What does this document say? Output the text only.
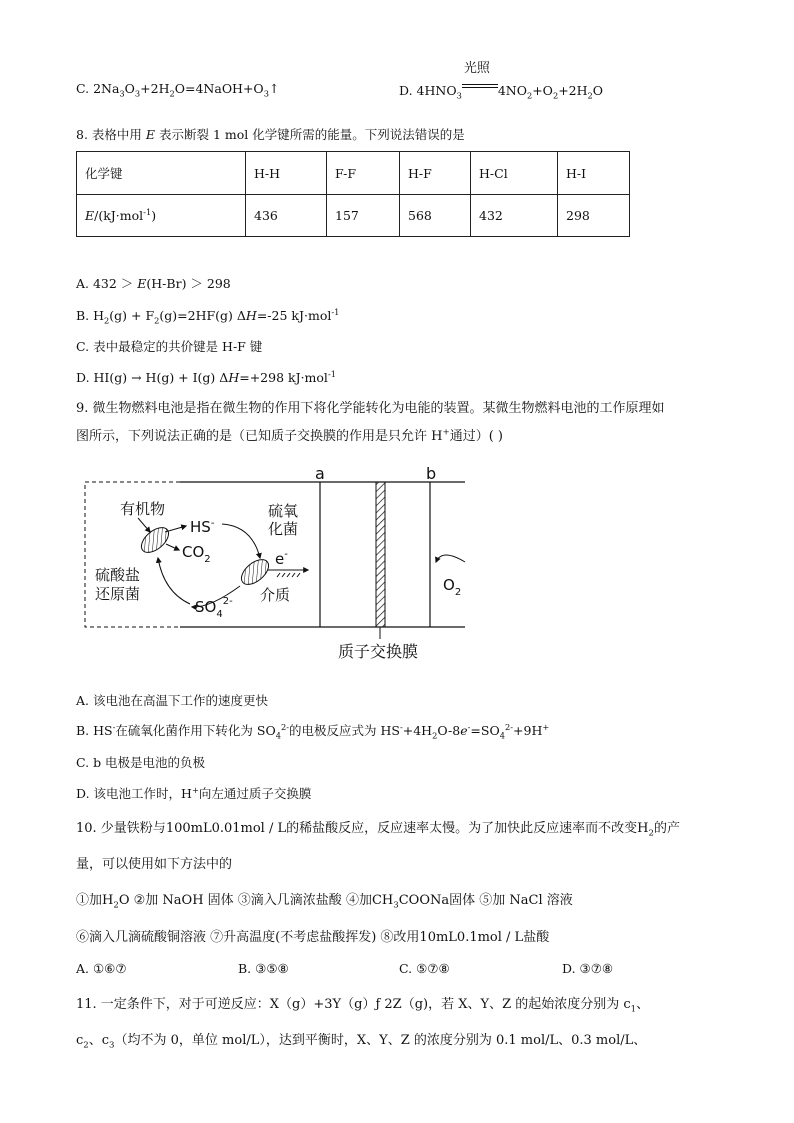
C. $2Na_3O_3+2H_2O=4NaOH+O_3↑$	D. $4HNO_3$
光照
$4NO_2+O_2+2H_2O$
8. 表格中用 E 表示断裂 1 mol 化学键所需的能量。下列说法错误的是
化学键	H-H	F-F	H-F	H-Cl	H-I
E/(kJ·mol$^{-1}$)	436	157	568	432	298
A. 432 ＞ E(H-Br) ＞ 298
B. $H_2(g) + F_2(g)=2HF(g)$ ΔH=-25 kJ·mol$^{-1}$
C. 表中最稳定的共价键是 H-F 键
D. HI(g) → H(g) + I(g) ΔH=+298 kJ·mol$^{-1}$
9. 微生物燃料电池是指在微生物的作用下将化学能转化为电能的装置。某微生物燃料电池的工作原理如
图所示，下列说法正确的是（已知质子交换膜的作用是只允许 H+通过）( )
a	b
有机物
HS-
$CO_2$
硫氧
化菌
e-
介质
$SO_4^{2-}$
硫酸盐
还原菌	$O_2$
质子交换膜
A. 该电池在高温下工作的速度更快
B. HS-在硫氧化菌作用下转化为 $SO_4^{2-}$的电极反应式为 $HS^-+4H_2O-8e^-=SO_4^{2-}+9H^+$
C. b 电极是电池的负极
D. 该电池工作时，H+向左通过质子交换膜
10. 少量铁粉与100mL0.01mol / L的稀盐酸反应，反应速率太慢。为了加快此反应速率而不改变$H_2$的产
量，可以使用如下方法中的
①加$H_2O$ ②加 NaOH 固体 ③滴入几滴浓盐酸 ④加$CH_3COONa$固体 ⑤加 NaCl 溶液
⑥滴入几滴硫酸铜溶液 ⑦升高温度(不考虑盐酸挥发) ⑧改用10mL0.1mol / L盐酸
A. ①⑥⑦	B. ③⑤⑧	C. ⑤⑦⑧	D. ③⑦⑧
11. 一定条件下，对于可逆反应：X（g）+3Y（g）ƒ 2Z（g)，若 X、Y、Z 的起始浓度分别为 $c_1$、
$c_2$、$c_3$（均不为 0，单位 mol/L），达到平衡时，X、Y、Z 的浓度分别为 0.1 mol/L、0.3 mol/L、
